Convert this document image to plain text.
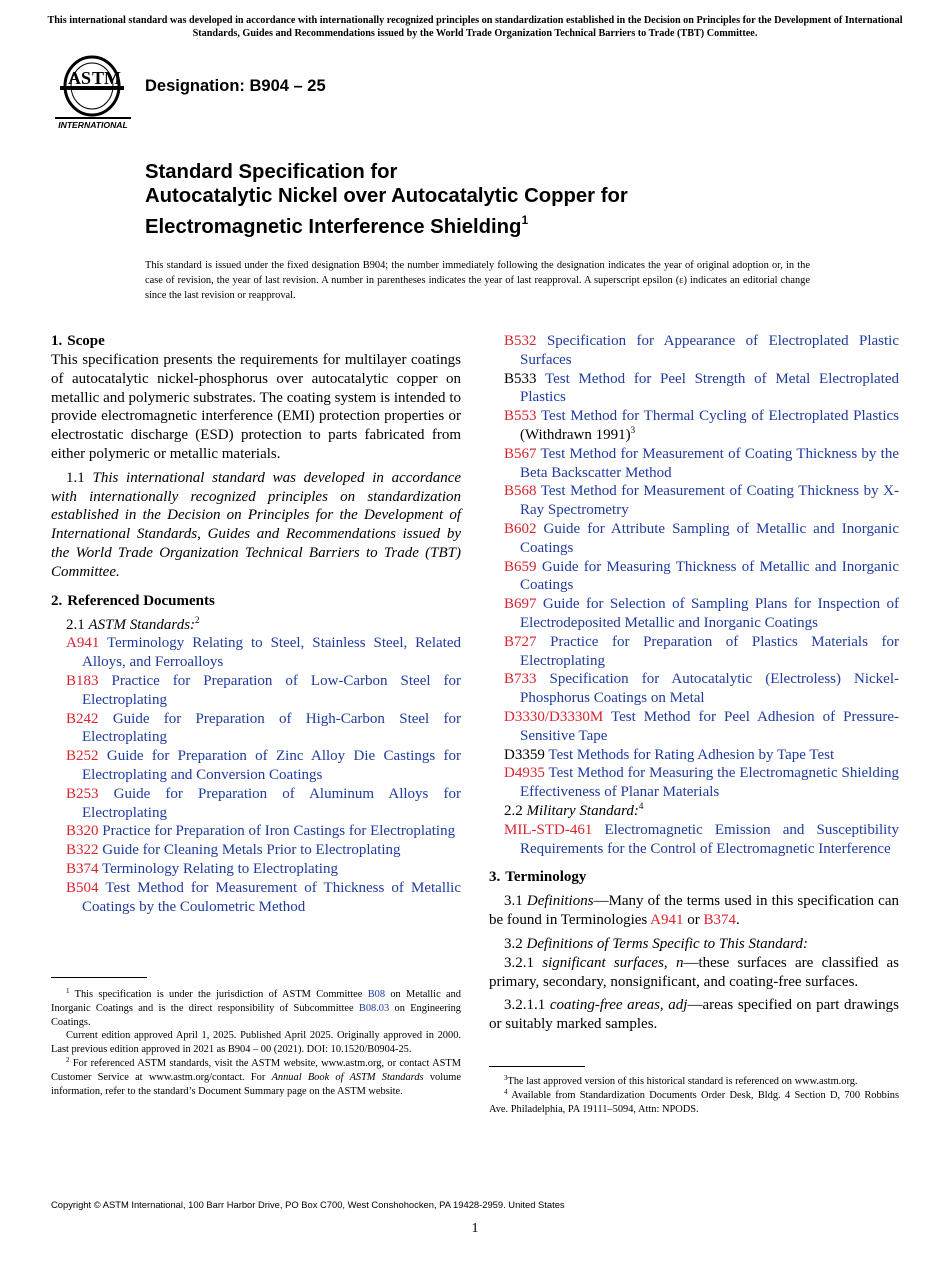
This international standard was developed in accordance with internationally recognized principles on standardization established in the Decision on Principles for the Development of International Standards, Guides and Recommendations issued by the World Trade Organization Technical Barriers to Trade (TBT) Committee.
A S T M
INTERNATIONAL
Designation: B904 – 25
Standard Specification for
Autocatalytic Nickel over Autocatalytic Copper for
Electromagnetic Interference Shielding$^1$
This standard is issued under the fixed designation B904; the number immediately following the designation indicates the year of original adoption or, in the case of revision, the year of last revision. A number in parentheses indicates the year of last reapproval. A superscript epsilon (ε) indicates an editorial change since the last revision or reapproval.
1. Scope

This specification presents the requirements for multilayer coatings of autocatalytic nickel-phosphorus over autocatalytic copper on metallic and polymeric substrates. The coating system is intended to provide electromagnetic interference (EMI) protection properties or electrostatic discharge (ESD) protection to parts fabricated from either polymeric or metallic materials.

1.1 This international standard was developed in accordance with internationally recognized principles on standardization established in the Decision on Principles for the Development of International Standards, Guides and Recommendations issued by the World Trade Organization Technical Barriers to Trade (TBT) Committee.

2. Referenced Documents
2.1 ASTM Standards:$^2$
A941 Terminology Relating to Steel, Stainless Steel, Related Alloys, and Ferroalloys
B183 Practice for Preparation of Low-Carbon Steel for Electroplating
B242 Guide for Preparation of High-Carbon Steel for Electroplating
B252 Guide for Preparation of Zinc Alloy Die Castings for Electroplating and Conversion Coatings
B253 Guide for Preparation of Aluminum Alloys for Electroplating
B320 Practice for Preparation of Iron Castings for Electroplating
B322 Guide for Cleaning Metals Prior to Electroplating
B374 Terminology Relating to Electroplating
B504 Test Method for Measurement of Thickness of Metallic Coatings by the Coulometric Method
B532 Specification for Appearance of Electroplated Plastic Surfaces
B533 Test Method for Peel Strength of Metal Electroplated Plastics
B553 Test Method for Thermal Cycling of Electroplated Plastics (Withdrawn 1991)$^3$
B567 Test Method for Measurement of Coating Thickness by the Beta Backscatter Method
B568 Test Method for Measurement of Coating Thickness by X-Ray Spectrometry
B602 Guide for Attribute Sampling of Metallic and Inorganic Coatings
B659 Guide for Measuring Thickness of Metallic and Inorganic Coatings
B697 Guide for Selection of Sampling Plans for Inspection of Electrodeposited Metallic and Inorganic Coatings
B727 Practice for Preparation of Plastics Materials for Electroplating
B733 Specification for Autocatalytic (Electroless) Nickel-Phosphorus Coatings on Metal
D3330/D3330M Test Method for Peel Adhesion of Pressure-Sensitive Tape
D3359 Test Methods for Rating Adhesion by Tape Test
D4935 Test Method for Measuring the Electromagnetic Shielding Effectiveness of Planar Materials
2.2 Military Standard:$^4$
MIL-STD-461 Electromagnetic Emission and Susceptibility Requirements for the Control of Electromagnetic Interference
3. Terminology

3.1 Definitions—Many of the terms used in this specification can be found in Terminologies A941 or B374.

3.2 Definitions of Terms Specific to This Standard:

3.2.1 significant surfaces, n—these surfaces are classified as primary, secondary, nonsignificant, and coating-free surfaces.

3.2.1.1 coating-free areas, adj—areas specified on part drawings or suitably marked samples.

$^1$ This specification is under the jurisdiction of ASTM Committee B08 on Metallic and Inorganic Coatings and is the direct responsibility of Subcommittee B08.03 on Engineering Coatings.

Current edition approved April 1, 2025. Published April 2025. Originally approved in 2000. Last previous edition approved in 2021 as B904 – 00 (2021). DOI: 10.1520/B0904-25.

$^2$ For referenced ASTM standards, visit the ASTM website, www.astm.org, or contact ASTM Customer Service at www.astm.org/contact. For Annual Book of ASTM Standards volume information, refer to the standard’s Document Summary page on the ASTM website.

$^3$The last approved version of this historical standard is referenced on www.astm.org.

$^4$ Available from Standardization Documents Order Desk, Bldg. 4 Section D, 700 Robbins Ave. Philadelphia, PA 19111–5094, Attn: NPODS.

Copyright © ASTM International, 100 Barr Harbor Drive, PO Box C700, West Conshohocken, PA 19428-2959. United States
1
